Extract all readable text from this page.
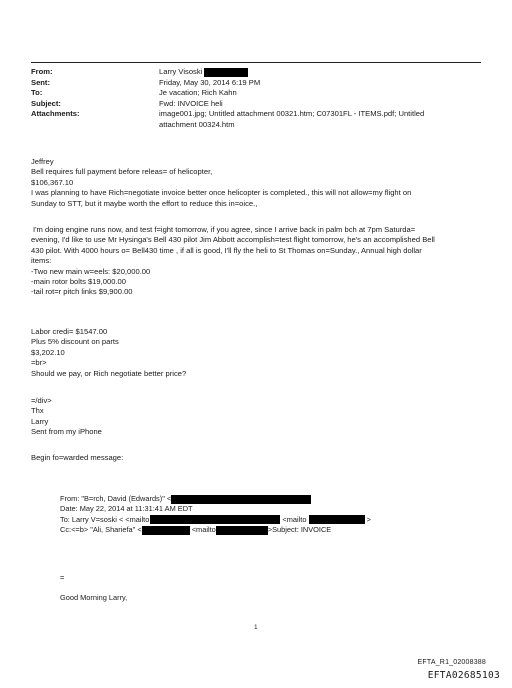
From:	Larry Visoski
Sent:	Friday, May 30, 2014 6:19 PM
To:	Je vacation; Rich Kahn
Subject:	Fwd: INVOICE heli
Attachments:	image001.jpg; Untitled attachment 00321.htm; C07301FL - ITEMS.pdf; Untitled
attachment 00324.htm

Jeffrey

Bell requires full payment before releas= of helicopter,

$106,367.10

I was planning to have Rich=negotiate invoice better once helicopter is completed., this will not allow=my flight on

Sunday to STT, but it maybe worth the effort to reduce this in=oice.,

I'm doing engine runs now, and test f=ight tomorrow, if you agree, since I arrive back in palm bch at 7pm Saturda=

evening, I'd like to use Mr Hysinga's Bell 430 pilot Jim Abbott accomplish=test flight tomorrow, he's an accomplished Bell

430 pilot. With 4000 hours o= Bell430 time , if all is good, I'll fly the heli to St Thomas on=Sunday., Annual high dollar

items:

-Two new main w=eels: $20,000.00

-main rotor bolts $19,000.00

-tail rot=r pitch links $9,900.00

Labor credi= $1547.00

Plus 5% discount on parts

$3,202.10

=br>

Should we pay, or Rich negotiate better price?

=/div>

Thx

Larry

Sent from my iPhone

Begin fo=warded message:

From: "B=rch, David (Edwards)" <

Date: May 22, 2014 at 11:31:41 AM EDT

To: Larry V=soski < <mailto	<mailto	>

Cc:<=b> "Ali, Shariefa" <	<mailto	>Subject: INVOICE

=

Good Morning Larry,

1
EFTA_R1_02008388
EFTA02685103
